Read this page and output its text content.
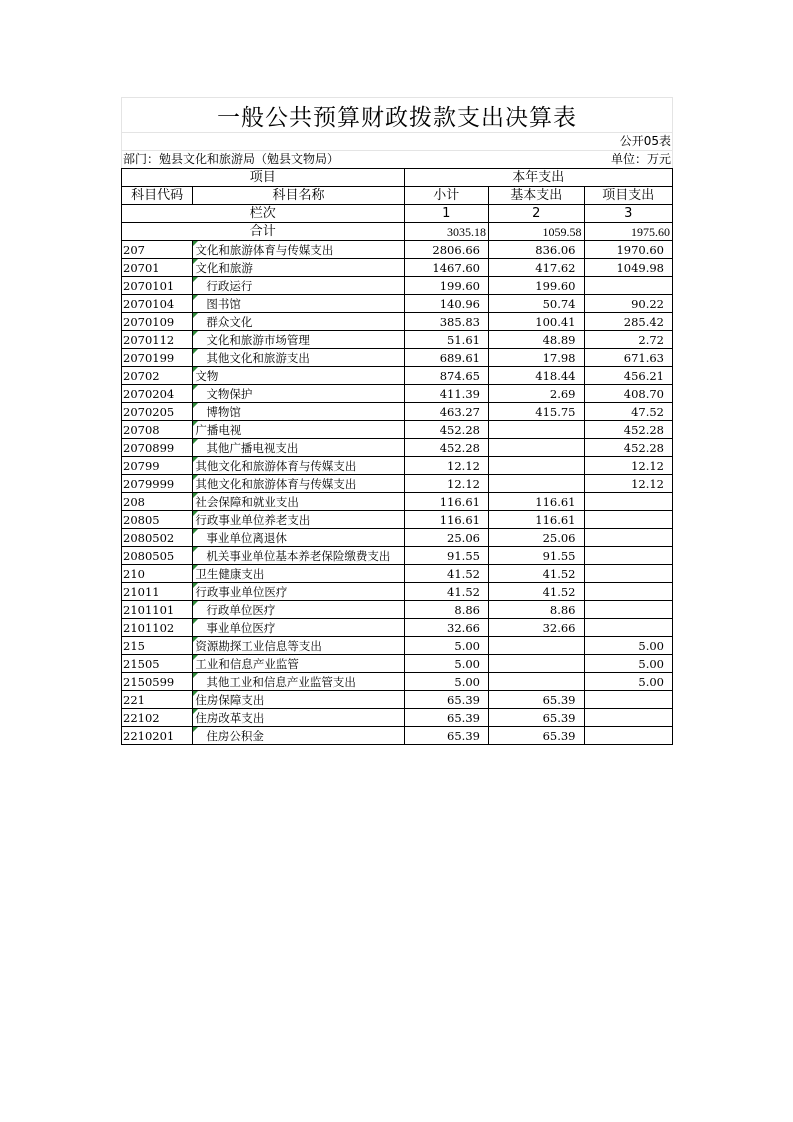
一般公共预算财政拨款支出决算表
公开05表
部门：勉县文化和旅游局（勉县文物局）	单位：万元
项目		本年支出		
科目代码	科目名称	小计	基本支出	项目支出
栏次		1	2	3
合计		3035.18	1059.58	1975.60
207	文化和旅游体育与传媒支出	2806.66	836.06	1970.60
20701	文化和旅游	1467.60	417.62	1049.98
2070101	行政运行	199.60	199.60	
2070104	图书馆	140.96	50.74	90.22
2070109	群众文化	385.83	100.41	285.42
2070112	文化和旅游市场管理	51.61	48.89	2.72
2070199	其他文化和旅游支出	689.61	17.98	671.63
20702	文物	874.65	418.44	456.21
2070204	文物保护	411.39	2.69	408.70
2070205	博物馆	463.27	415.75	47.52
20708	广播电视	452.28		452.28
2070899	其他广播电视支出	452.28		452.28
20799	其他文化和旅游体育与传媒支出	12.12		12.12
2079999	其他文化和旅游体育与传媒支出	12.12		12.12
208	社会保障和就业支出	116.61	116.61	
20805	行政事业单位养老支出	116.61	116.61	
2080502	事业单位离退休	25.06	25.06	
2080505	机关事业单位基本养老保险缴费支出	91.55	91.55	
210	卫生健康支出	41.52	41.52	
21011	行政事业单位医疗	41.52	41.52	
2101101	行政单位医疗	8.86	8.86	
2101102	事业单位医疗	32.66	32.66	
215	资源勘探工业信息等支出	5.00		5.00
21505	工业和信息产业监管	5.00		5.00
2150599	其他工业和信息产业监管支出	5.00		5.00
221	住房保障支出	65.39	65.39	
22102	住房改革支出	65.39	65.39	
2210201	住房公积金	65.39	65.39	
